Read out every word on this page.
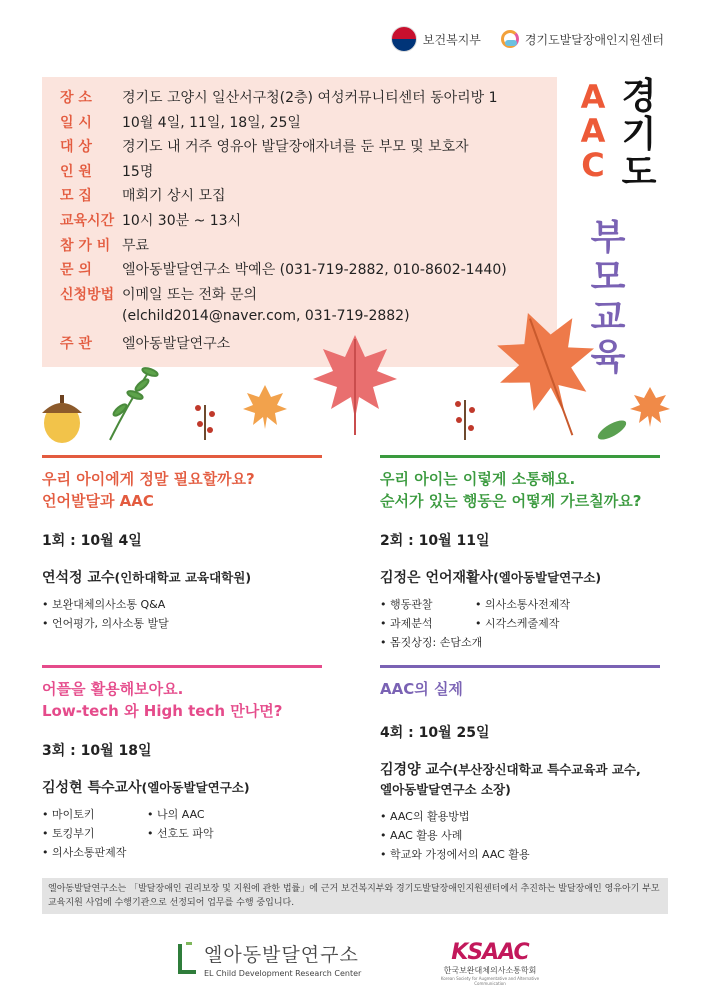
보건복지부	경기도발달장애인지원센터
장 소	경기도 고양시 일산서구청(2층) 여성커뮤니티센터 동아리방 1
일 시	10월 4일, 11일, 18일, 25일
대 상	경기도 내 거주 영유아 발달장애자녀를 둔 부모 및 보호자
인 원	15명
모 집	매회기 상시 모집
교육시간 10시 30분 ~ 13시
참 가 비 무료
문 의	엘아동발달연구소 박예은 (031-719-2882, 010-8602-1440)
신청방법 이메일 또는 전화 문의
(elchild2014@naver.com, 031-719-2882)
주 관	엘아동발달연구소
AAC
경기도
부모교육
우리 아이에게 정말 필요할까요?
언어발달과 AAC
1회 : 10월 4일
연석정 교수(인하대학교 교육대학원)
• 보완대체의사소통 Q&A
• 언어평가, 의사소통 발달
우리 아이는 이렇게 소통해요.
순서가 있는 행동은 어떻게 가르칠까요?
2회 : 10월 11일
김정은 언어재활사(엘아동발달연구소)
• 행동관찰	• 의사소통사전제작
• 과제분석	• 시각스케줄제작
• 몸짓상징: 손담소개
어플을 활용해보아요.
Low-tech 와 High tech 만나면?
3회 : 10월 18일
김성현 특수교사(엘아동발달연구소)
• 마이토키	• 나의 AAC
• 토킹부기	• 선호도 파악
• 의사소통판제작
AAC의 실제
4회 : 10월 25일
김경양 교수(부산장신대학교 특수교육과 교수,
엘아동발달연구소 소장)
• AAC의 활용방법
• AAC 활용 사례
• 학교와 가정에서의 AAC 활용
엘아동발달연구소는 「발달장애인 권리보장 및 지원에 관한 법률」에 근거 보건복지부와 경기도발달장애인지원센터에서 추진하는 발달장애인 영유아기 부모교육지원 사업에 수행기관으로 선정되어 업무를 수행 중입니다.
엘아동발달연구소
EL Child Development Research Center
KSAAC
한국보완대체의사소통학회
Korean Society for Augmentative and Alternative Communication
